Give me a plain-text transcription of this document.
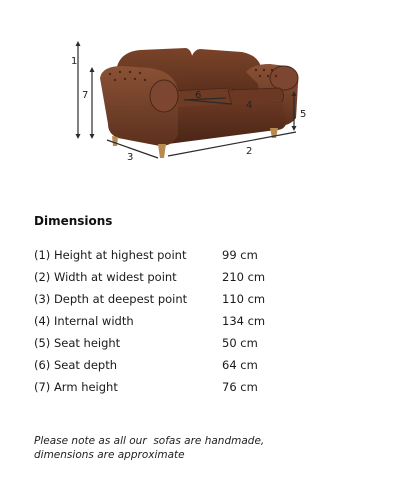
1
7
5
3
2
6
4
Dimensions
(1) Height at highest point	99 cm
(2) Width at widest point	210 cm
(3) Depth at deepest point	110 cm
(4) Internal width	134 cm
(5) Seat height	50 cm
(6) Seat depth	64 cm
(7) Arm height	76 cm
Please note as all our  sofas are handmade,
dimensions are approximate
